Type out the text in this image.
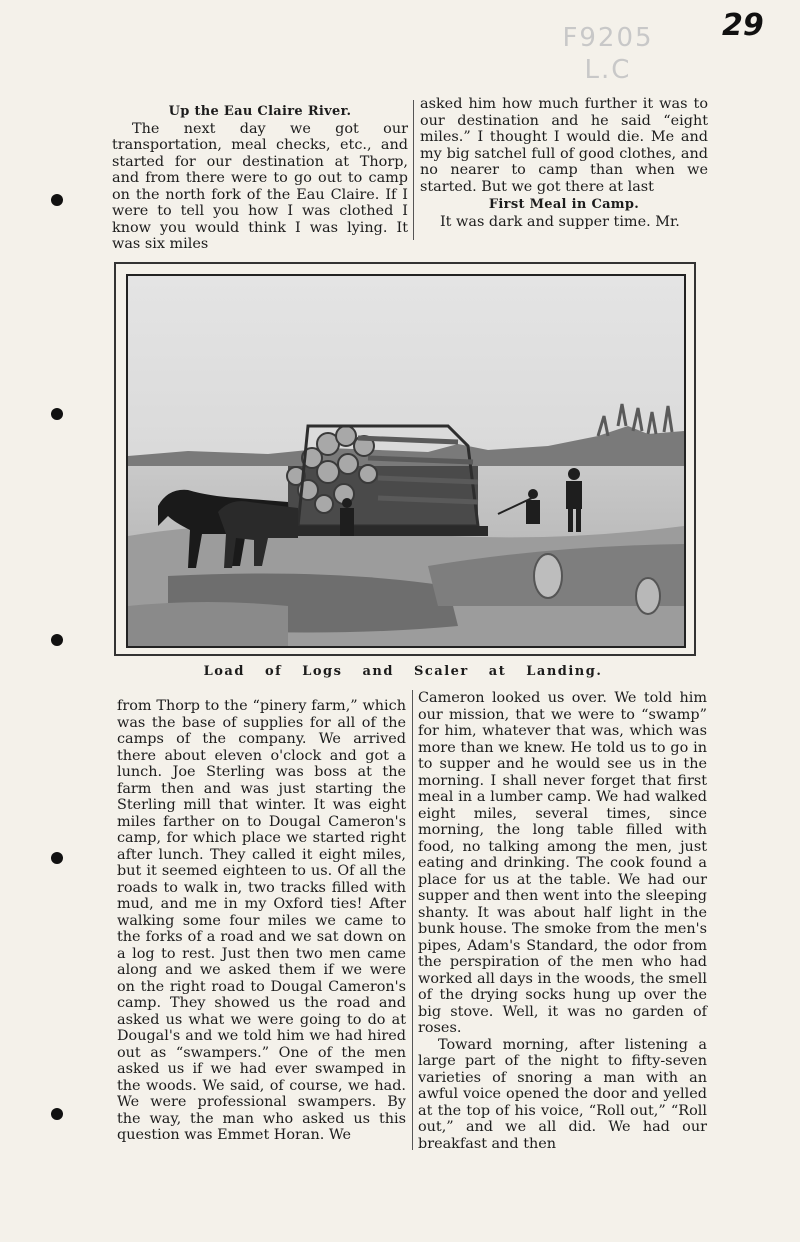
29
F9205
L.C

Up the Eau Claire River.

The next day we got our transportation, meal checks, etc., and started for our destination at Thorp, and from there were to go out to camp on the north fork of the Eau Claire. If I were to tell you how I was clothed I know you would think I was lying. It was six miles

asked him how much further it was to our destination and he said “eight miles.” I thought I would die. Me and my big satchel full of good clothes, and no nearer to camp than when we started. But we got there at last

First Meal in Camp.

It was dark and supper time. Mr.

Load of Logs and Scaler at Landing.

from Thorp to the “pinery farm,” which was the base of supplies for all of the camps of the company. We arrived there about eleven o'clock and got a lunch. Joe Sterling was boss at the farm then and was just starting the Sterling mill that winter. It was eight miles farther on to Dougal Cameron's camp, for which place we started right after lunch. They called it eight miles, but it seemed eighteen to us. Of all the roads to walk in, two tracks filled with mud, and me in my Oxford ties! After walking some four miles we came to the forks of a road and we sat down on a log to rest. Just then two men came along and we asked them if we were on the right road to Dougal Cameron's camp. They showed us the road and asked us what we were going to do at Dougal's and we told him we had hired out as “swampers.” One of the men asked us if we had ever swamped in the woods. We said, of course, we had. We were professional swampers. By the way, the man who asked us this question was Emmet Horan. We

Cameron looked us over. We told him our mission, that we were to “swamp” for him, whatever that was, which was more than we knew. He told us to go in to supper and he would see us in the morning. I shall never forget that first meal in a lumber camp. We had walked eight miles, several times, since morning, the long table filled with food, no talking among the men, just eating and drinking. The cook found a place for us at the table. We had our supper and then went into the sleeping shanty. It was about half light in the bunk house. The smoke from the men's pipes, Adam's Standard, the odor from the perspiration of the men who had worked all days in the woods, the smell of the drying socks hung up over the big stove. Well, it was no garden of roses.

Toward morning, after listening a large part of the night to fifty-seven varieties of snoring a man with an awful voice opened the door and yelled at the top of his voice, “Roll out,” “Roll out,” and we all did. We had our breakfast and then
